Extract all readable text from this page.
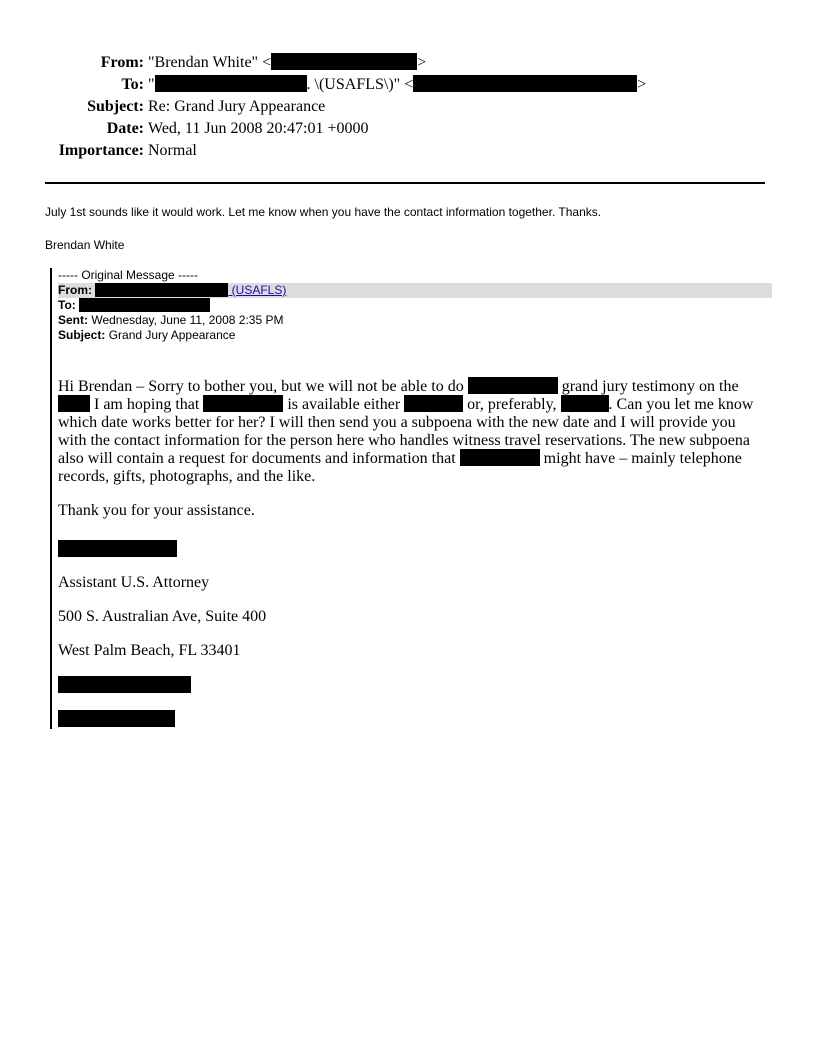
From: "Brendan White" <	>
To: "	. \(USAFLS\)" <	>
Subject: Re: Grand Jury Appearance
Date: Wed, 11 Jun 2008 20:47:01 +0000
Importance: Normal
July 1st sounds like it would work. Let me know when you have the contact information together. Thanks.
Brendan White
----- Original Message -----
From:	(USAFLS)
To:
Sent: Wednesday, June 11, 2008 2:35 PM
Subject: Grand Jury Appearance

Hi Brendan – Sorry to bother you, but we will not be able to do	grand jury testimony on the
I am hoping that	is available either	or, preferably,	. Can you let me know which date works better for her? I will then send you a subpoena with the new date and I will provide you with the contact information for the person here who handles witness travel reservations. The new subpoena also will contain a request for documents and information that	might have – mainly telephone records, gifts, photographs, and the like.

Thank you for your assistance.

Assistant U.S. Attorney
500 S. Australian Ave, Suite 400
West Palm Beach, FL 33401
